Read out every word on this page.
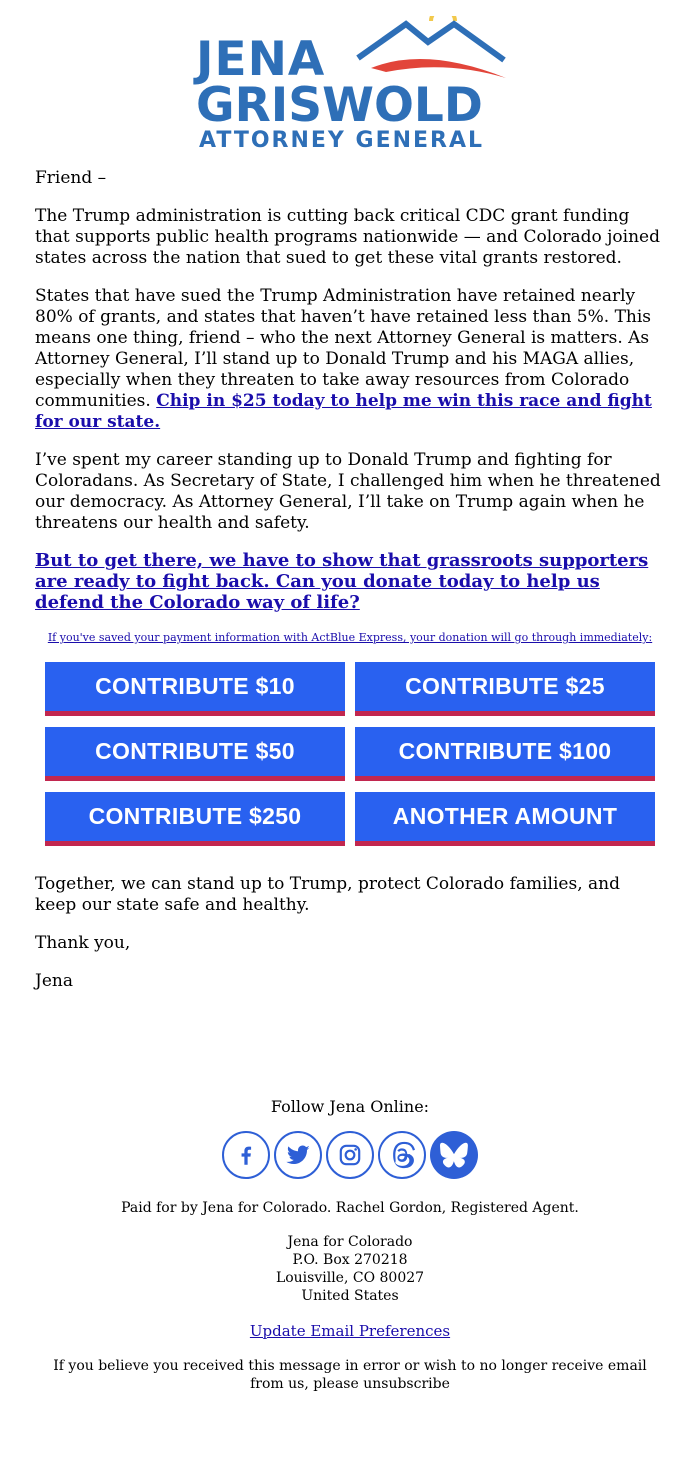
JENA
GRISWOLD
ATTORNEY GENERAL

Friend –

The Trump administration is cutting back critical CDC grant funding that supports public health programs nationwide — and Colorado joined states across the nation that sued to get these vital grants restored.

States that have sued the Trump Administration have retained nearly 80% of grants, and states that haven’t have retained less than 5%. This means one thing, friend – who the next Attorney General is matters. As Attorney General, I’ll stand up to Donald Trump and his MAGA allies, especially when they threaten to take away resources from Colorado communities. Chip in $25 today to help me win this race and fight for our state.

I’ve spent my career standing up to Donald Trump and fighting for Coloradans. As Secretary of State, I challenged him when he threatened our democracy. As Attorney General, I’ll take on Trump again when he threatens our health and safety.

But to get there, we have to show that grassroots supporters are ready to fight back. Can you donate today to help us defend the Colorado way of life?

If you've saved your payment information with ActBlue Express, your donation will go through immediately:
CONTRIBUTE $10	CONTRIBUTE $25
CONTRIBUTE $50	CONTRIBUTE $100
CONTRIBUTE $250	ANOTHER AMOUNT

Together, we can stand up to Trump, protect Colorado families, and keep our state safe and healthy.

Thank you,

Jena

Follow Jena Online:
Paid for by Jena for Colorado. Rachel Gordon, Registered Agent.
Jena for Colorado
P.O. Box 270218
Louisville, CO 80027
United States
Update Email Preferences
If you believe you received this message in error or wish to no longer receive email from us, please unsubscribe
